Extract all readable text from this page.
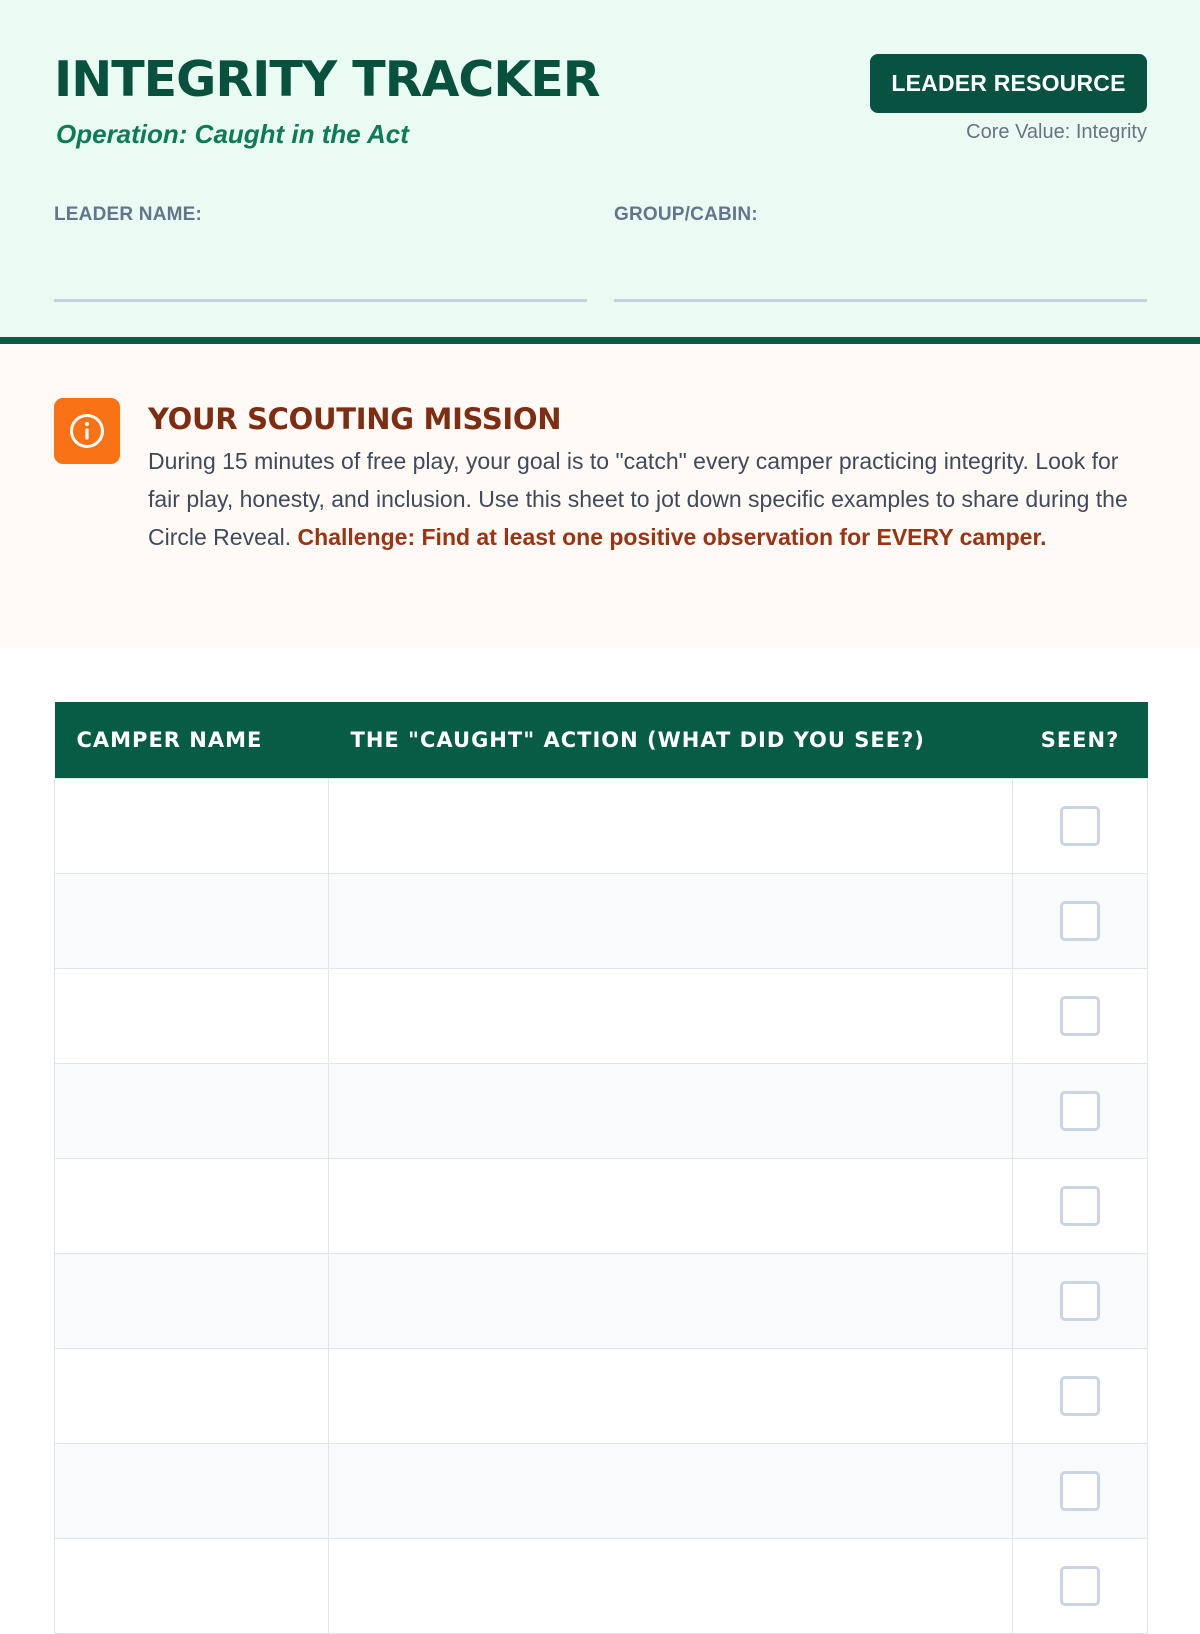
INTEGRITY TRACKER
Operation: Caught in the Act
LEADER RESOURCE
Core Value: Integrity
LEADER NAME:	GROUP/CABIN:
YOUR SCOUTING MISSION

During 15 minutes of free play, your goal is to "catch" every camper practicing integrity. Look for fair play, honesty, and inclusion. Use this sheet to jot down specific examples to share during the Circle Reveal. Challenge: Find at least one positive observation for EVERY camper.

CAMPER NAME	THE "CAUGHT" ACTION (WHAT DID YOU SEE?)	SEEN?
